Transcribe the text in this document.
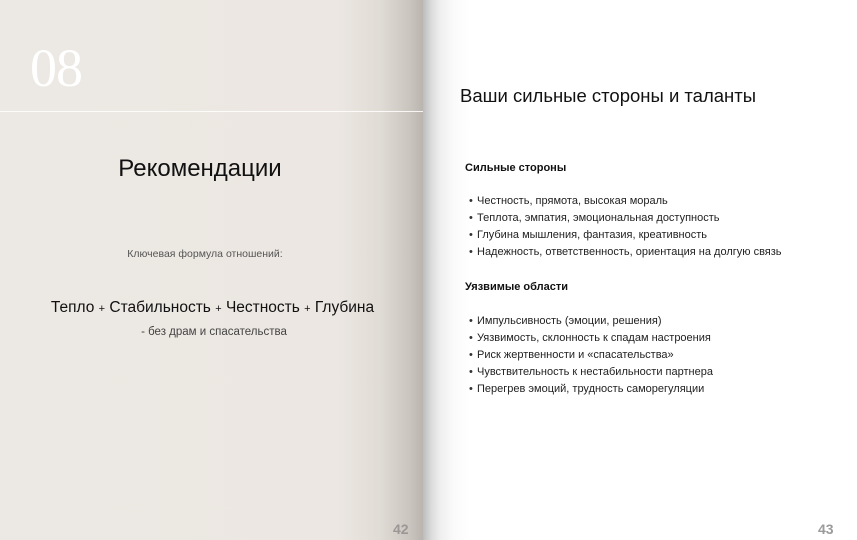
08
Рекомендации
Ключевая формула отношений:
Тепло + Стабильность + Честность + Глубина
- без драм и спасательства
42
Ваши сильные стороны и таланты
Сильные стороны
• Честность, прямота, высокая мораль
• Теплота, эмпатия, эмоциональная доступность
• Глубина мышления, фантазия, креативность
• Надежность, ответственность, ориентация на долгую связь
Уязвимые области
• Импульсивность (эмоции, решения)
• Уязвимость, склонность к спадам настроения
• Риск жертвенности и «спасательства»
• Чувствительность к нестабильности партнера
• Перегрев эмоций, трудность саморегуляции
43
